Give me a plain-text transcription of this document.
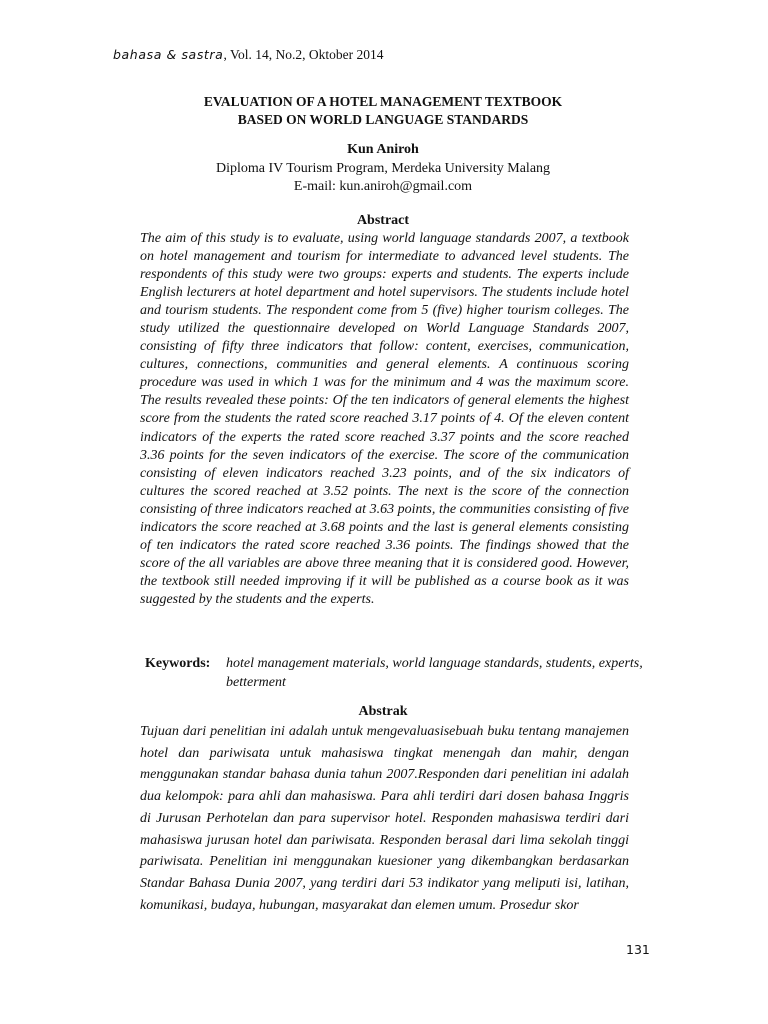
bahasa & sastra, Vol. 14, No.2, Oktober 2014
EVALUATION OF A HOTEL MANAGEMENT TEXTBOOK
BASED ON WORLD LANGUAGE STANDARDS
Kun Aniroh
Diploma IV Tourism Program, Merdeka University Malang
E-mail: kun.aniroh@gmail.com
Abstract
The aim of this study is to evaluate, using world language standards 2007, a textbook on hotel management and tourism for intermediate to advanced level students. The respondents of this study were two groups: experts and students. The experts include English lecturers at hotel department and hotel supervisors. The students include hotel and tourism students. The respondent come from 5 (five) higher tourism colleges. The study utilized the questionnaire developed on World Language Standards 2007, consisting of fifty three indicators that follow: content, exercises, communication, cultures, connections, communities and general elements. A continuous scoring procedure was used in which 1 was for the minimum and 4 was the maximum score. The results revealed these points: Of the ten indicators of general elements the highest score from the students the rated score reached 3.17 points of 4. Of the eleven content indicators of the experts the rated score reached 3.37 points and the score reached 3.36 points for the seven indicators of the exercise. The score of the communication consisting of eleven indicators reached 3.23 points, and of the six indicators of cultures the scored reached at 3.52 points. The next is the score of the connection consisting of three indicators reached at 3.63 points, the communities consisting of five indicators the score reached at 3.68 points and the last is general elements consisting of ten indicators the rated score reached 3.36 points. The findings showed that the score of the all variables are above three meaning that it is considered good. However, the textbook still needed improving if it will be published as a course book as it was suggested by the students and the experts.
Keywords: hotel management materials, world language standards, students, experts, betterment
Abstrak
Tujuan dari penelitian ini adalah untuk mengevaluasisebuah buku tentang manajemen hotel dan pariwisata untuk mahasiswa tingkat menengah dan mahir, dengan menggunakan standar bahasa dunia tahun 2007.Responden dari penelitian ini adalah dua kelompok: para ahli dan mahasiswa. Para ahli terdiri dari dosen bahasa Inggris di Jurusan Perhotelan dan para supervisor hotel. Responden mahasiswa terdiri dari mahasiswa jurusan hotel dan pariwisata. Responden berasal dari lima sekolah tinggi pariwisata. Penelitian ini menggunakan kuesioner yang dikembangkan berdasarkan Standar Bahasa Dunia 2007, yang terdiri dari 53 indikator yang meliputi isi, latihan, komunikasi, budaya, hubungan, masyarakat dan elemen umum. Prosedur skor
131
